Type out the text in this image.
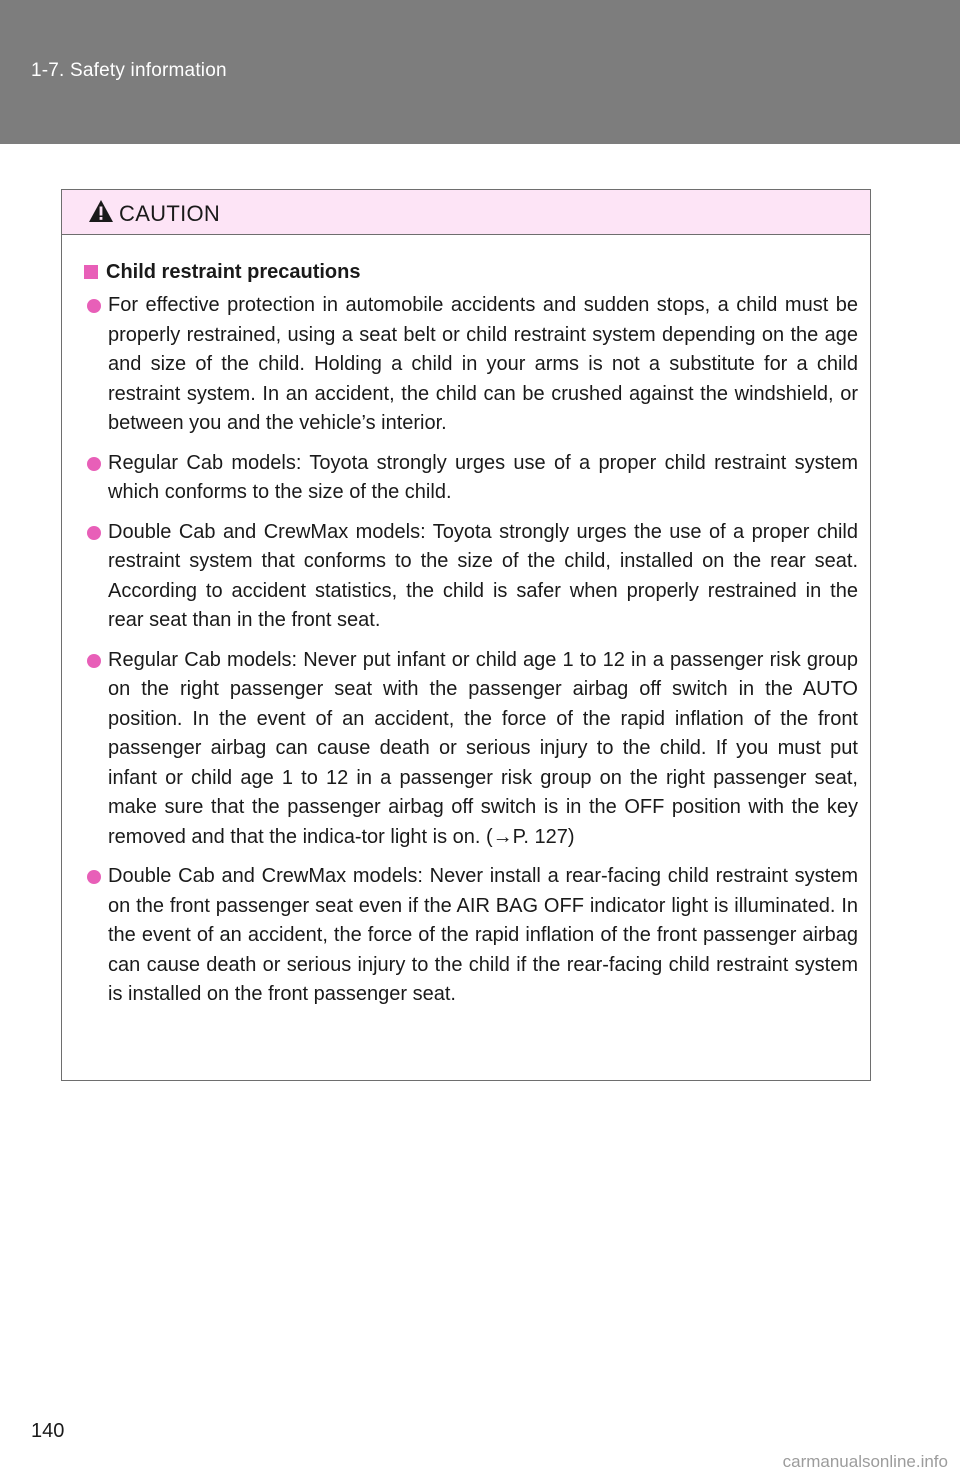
1-7. Safety information
CAUTION
Child restraint precautions
For effective protection in automobile accidents and sudden stops, a child must be properly restrained, using a seat belt or child restraint system depending on the age and size of the child. Holding a child in your arms is not a substitute for a child restraint system. In an accident, the child can be crushed against the windshield, or between you and the vehicle’s interior.
Regular Cab models: Toyota strongly urges use of a proper child restraint system which conforms to the size of the child.
Double Cab and CrewMax models: Toyota strongly urges the use of a proper child restraint system that conforms to the size of the child, installed on the rear seat. According to accident statistics, the child is safer when properly restrained in the rear seat than in the front seat.
Regular Cab models: Never put infant or child age 1 to 12 in a passenger risk group on the right passenger seat with the passenger airbag off switch in the AUTO position. In the event of an accident, the force of the rapid inflation of the front passenger airbag can cause death or serious injury to the child. If you must put infant or child age 1 to 12 in a passenger risk group on the right passenger seat, make sure that the passenger airbag off switch is in the OFF position with the key removed and that the indica-tor light is on. (→P. 127)
Double Cab and CrewMax models: Never install a rear-facing child restraint system on the front passenger seat even if the AIR BAG OFF indicator light is illuminated. In the event of an accident, the force of the rapid inflation of the front passenger airbag can cause death or serious injury to the child if the rear-facing child restraint system is installed on the front passenger seat.
140
carmanualsonline.info
